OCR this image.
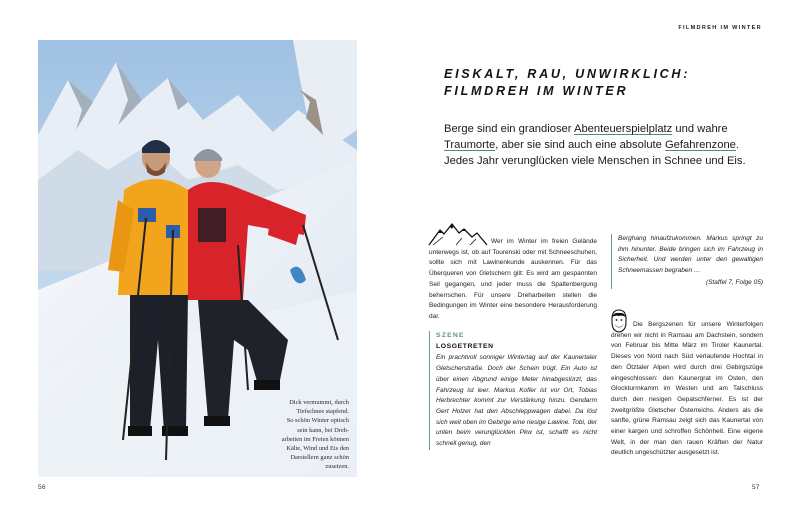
Dick vermummt, durch
Tiefschnee stapfend.
So schön Winter optisch
sein kann, bei Dreh-
arbeiten im Freien können
Kälte, Wind und Eis den
Darstellern ganz schön
zusetzen.
56
FILMDREH IM WINTER
EISKALT, RAU, UNWIRKLICH:
FILMDREH IM WINTER

Berge sind ein grandioser Abenteuerspielplatz und wahre Traumorte, aber sie sind auch eine absolute Gefahrenzone. Jedes Jahr verunglücken viele Menschen in Schnee und Eis.

Wer im Winter im freien Gelände unterwegs ist, ob auf Tourenski oder mit Schneeschuhen, sollte sich mit Lawinenkunde auskennen. Für das Überqueren von Gletschern gilt: Es wird am gespannten Seil gegangen, und jeder muss die Spaltenbergung beherrschen. Für unsere Dreharbeiten stellen die Bedingungen im Winter eine besondere Herausforderung dar.

SZENE
LOSGETRETEN

Ein prachtvoll sonniger Wintertag auf der Kaunertaler Gletscherstraße. Doch der Schein trügt. Ein Auto ist über einen Abgrund einige Meter hinabgestürzt, das Fahrzeug ist leer. Markus Kofler ist vor Ort, Tobias Herbrechter kommt zur Verstärkung hinzu. Gendarm Gert Holzer hat den Abschleppwagen dabei. Da löst sich weit oben im Gebirge eine riesige Lawine. Tobi, der unten beim verunglückten Pkw ist, schafft es nicht schnell genug, den

Berghang hinaufzukommen. Markus springt zu ihm hinunter. Beide bringen sich im Fahrzeug in Sicherheit. Und werden unter den gewaltigen Schneemassen begraben …

(Staffel 7, Folge 05)

Die Bergszenen für unsere Winterfolgen drehen wir nicht in Ramsau am Dachstein, sondern von Februar bis Mitte März im Tiroler Kaunertal. Dieses von Nord nach Süd verlaufende Hochtal in den Ötztaler Alpen wird durch drei Gebirgszüge eingeschlossen: den Kaunergrat im Osten, den Glockturmkamm im Westen und am Talschluss durch den riesigen Gepatschferner. Es ist der zweitgrößte Gletscher Österreichs. Anders als die sanfte, grüne Ramsau zeigt sich das Kaunertal von einer kargen und schroffen Schönheit. Eine eigene Welt, in der man den rauen Kräften der Natur deutlich ungeschützter ausgesetzt ist.

57
